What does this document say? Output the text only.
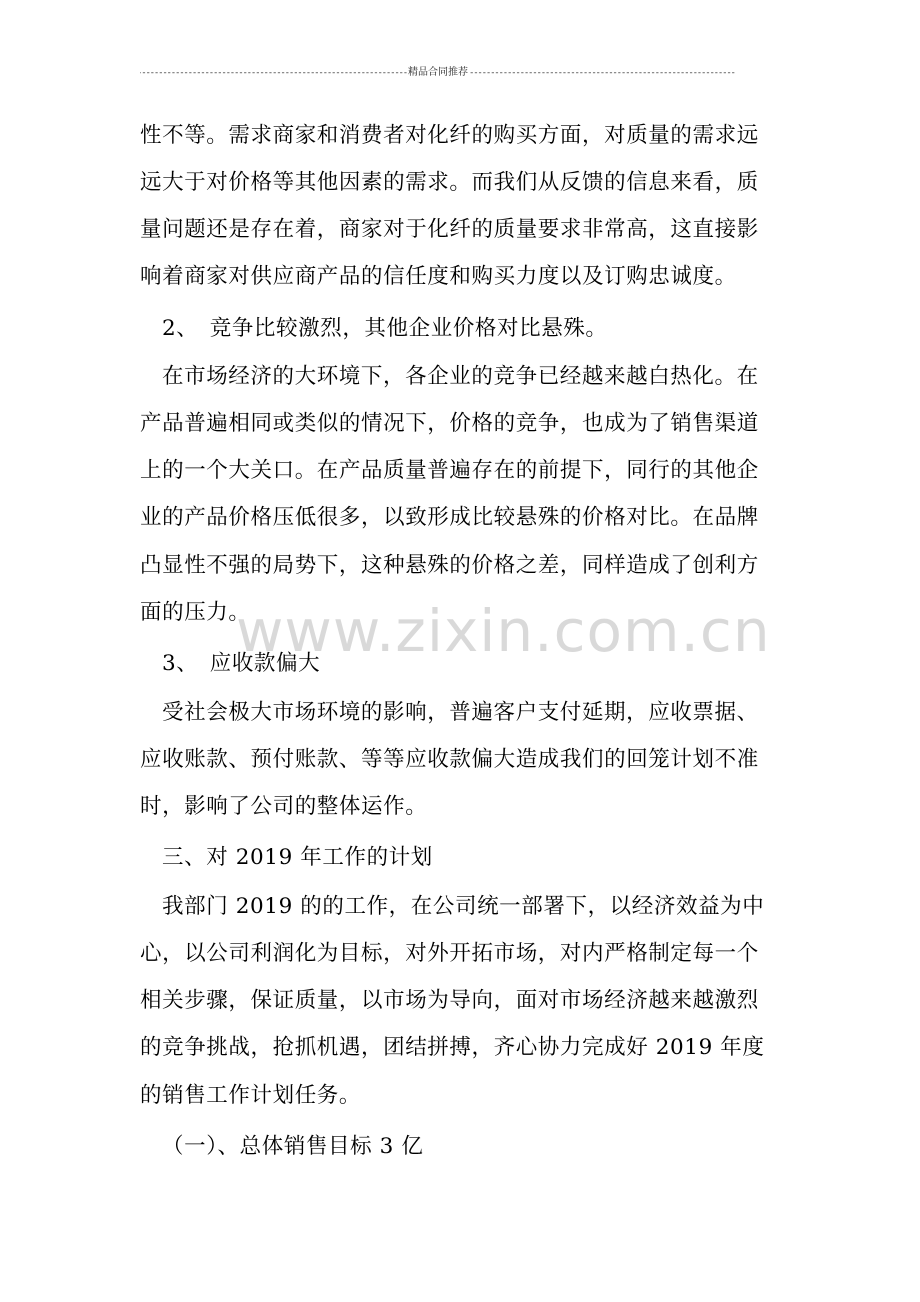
-----
精品合同推荐
-----
www.zixin.com.cn
性不等。需求商家和消费者对化纤的购买方面，对质量的需求远
远大于对价格等其他因素的需求。而我们从反馈的信息来看，质
量问题还是存在着，商家对于化纤的质量要求非常高，这直接影
响着商家对供应商产品的信任度和购买力度以及订购忠诚度。
2、　竞争比较激烈，其他企业价格对比悬殊。
在市场经济的大环境下，各企业的竞争已经越来越白热化。在
产品普遍相同或类似的情况下，价格的竞争，也成为了销售渠道
上的一个大关口。在产品质量普遍存在的前提下，同行的其他企
业的产品价格压低很多，以致形成比较悬殊的价格对比。在品牌
凸显性不强的局势下，这种悬殊的价格之差，同样造成了创利方
面的压力。
3、　应收款偏大
受社会极大市场环境的影响，普遍客户支付延期，应收票据、
应收账款、预付账款、等等应收款偏大造成我们的回笼计划不准
时，影响了公司的整体运作。
三、对 2019 年工作的计划
我部门 2019 的的工作，在公司统一部署下，以经济效益为中
心，以公司利润化为目标，对外开拓市场，对内严格制定每一个
相关步骤，保证质量，以市场为导向，面对市场经济越来越激烈
的竞争挑战，抢抓机遇，团结拼搏，齐心协力完成好 2019 年度
的销售工作计划任务。
（一）、总体销售目标 3 亿
